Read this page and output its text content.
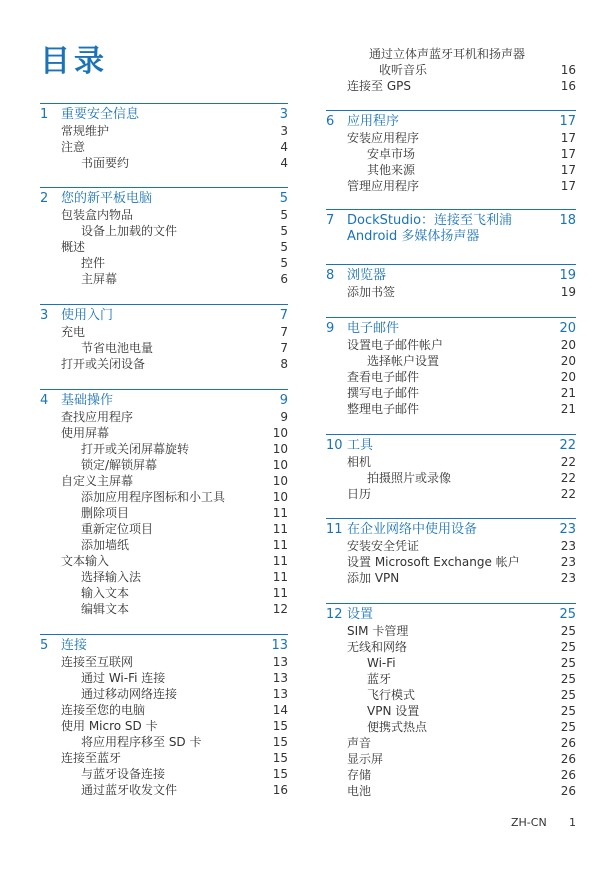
目录
1 重要安全信息	3
常规维护	3
注意	4
书面要约	4
2 您的新平板电脑	5
包装盒内物品	5
设备上加载的文件	5
概述	5
控件	5
主屏幕	6
3 使用入门	7
充电	7
节省电池电量	7
打开或关闭设备	8
4 基础操作	9
查找应用程序	9
使用屏幕	10
打开或关闭屏幕旋转	10
锁定/解锁屏幕	10
自定义主屏幕	10
添加应用程序图标和小工具	10
删除项目	11
重新定位项目	11
添加墙纸	11
文本输入	11
选择输入法	11
输入文本	11
编辑文本	12
5 连接	13
连接至互联网	13
通过 Wi-Fi 连接	13
通过移动网络连接	13
连接至您的电脑	14
使用 Micro SD 卡	15
将应用程序移至 SD 卡	15
连接至蓝牙	15
与蓝牙设备连接	15
通过蓝牙收发文件	16
通过立体声蓝牙耳机和扬声器
收听音乐	16
连接至 GPS	16
6 应用程序	17
安装应用程序	17
安卓市场	17
其他来源	17
管理应用程序	17
7 DockStudio：连接至飞利浦	18
Android 多媒体扬声器
8 浏览器	19
添加书签	19
9 电子邮件	20
设置电子邮件帐户	20
选择帐户设置	20
查看电子邮件	20
撰写电子邮件	21
整理电子邮件	21
10 工具	22
相机	22
拍摄照片或录像	22
日历	22
11 在企业网络中使用设备	23
安装安全凭证	23
设置 Microsoft Exchange 帐户	23
添加 VPN	23
12 设置	25
SIM 卡管理	25
无线和网络	25
Wi-Fi	25
蓝牙	25
飞行模式	25
VPN 设置	25
便携式热点	25
声音	26
显示屏	26
存储	26
电池	26
ZH-CN 1
